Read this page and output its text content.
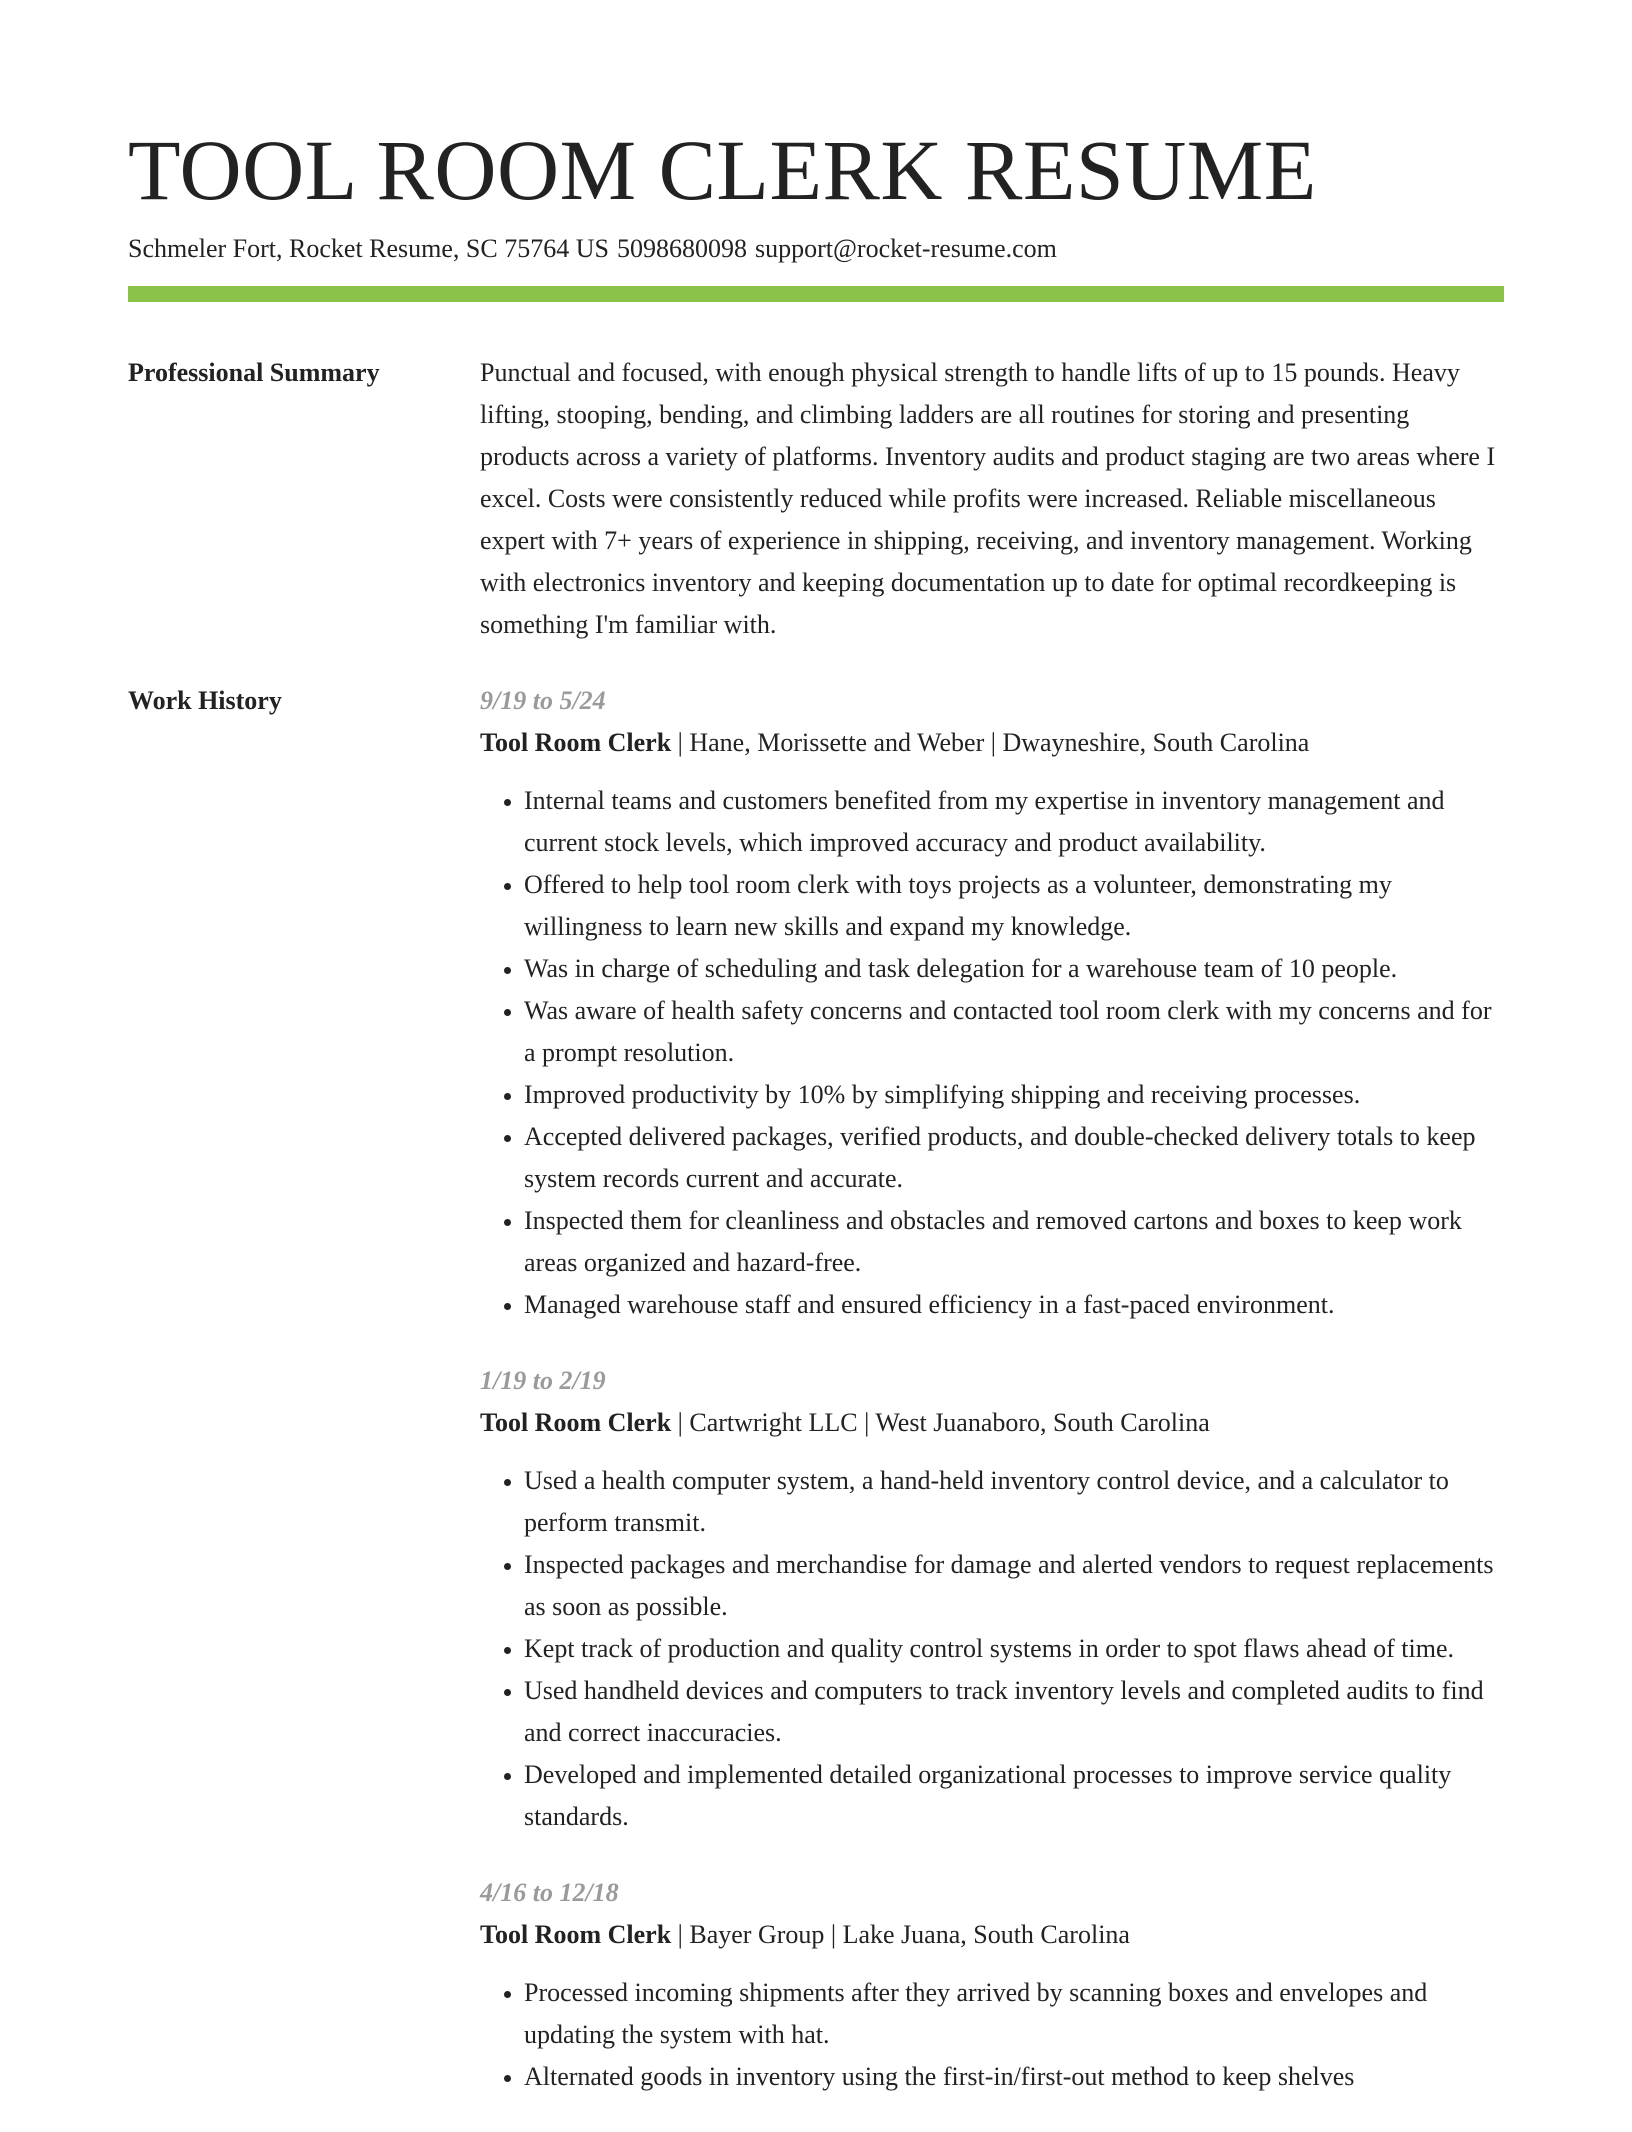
TOOL ROOM CLERK RESUME
Schmeler Fort, Rocket Resume, SC 75764 US 5098680098 support@rocket-resume.com
Professional Summary	Punctual and focused, with enough physical strength to handle lifts of up to 15 pounds. Heavy lifting, stooping, bending, and climbing ladders are all routines for storing and presenting products across a variety of platforms. Inventory audits and product staging are two areas where I excel. Costs were consistently reduced while profits were increased. Reliable miscellaneous expert with 7+ years of experience in shipping, receiving, and inventory management. Working with electronics inventory and keeping documentation up to date for optimal recordkeeping is something I'm familiar with.

Work History	9/19 to 5/24
Tool Room Clerk | Hane, Morissette and Weber | Dwayneshire, South Carolina
• Internal teams and customers benefited from my expertise in inventory management and current stock levels, which improved accuracy and product availability.
• Offered to help tool room clerk with toys projects as a volunteer, demonstrating my willingness to learn new skills and expand my knowledge.
• Was in charge of scheduling and task delegation for a warehouse team of 10 people.
• Was aware of health safety concerns and contacted tool room clerk with my concerns and for a prompt resolution.
• Improved productivity by 10% by simplifying shipping and receiving processes.
• Accepted delivered packages, verified products, and double-checked delivery totals to keep system records current and accurate.
• Inspected them for cleanliness and obstacles and removed cartons and boxes to keep work areas organized and hazard-free.
• Managed warehouse staff and ensured efficiency in a fast-paced environment.
1/19 to 2/19
Tool Room Clerk | Cartwright LLC | West Juanaboro, South Carolina
• Used a health computer system, a hand-held inventory control device, and a calculator to perform transmit.
• Inspected packages and merchandise for damage and alerted vendors to request replacements as soon as possible.
• Kept track of production and quality control systems in order to spot flaws ahead of time.
• Used handheld devices and computers to track inventory levels and completed audits to find and correct inaccuracies.
• Developed and implemented detailed organizational processes to improve service quality standards.
4/16 to 12/18
Tool Room Clerk | Bayer Group | Lake Juana, South Carolina
• Processed incoming shipments after they arrived by scanning boxes and envelopes and updating the system with hat.
• Alternated goods in inventory using the first-in/first-out method to keep shelves
